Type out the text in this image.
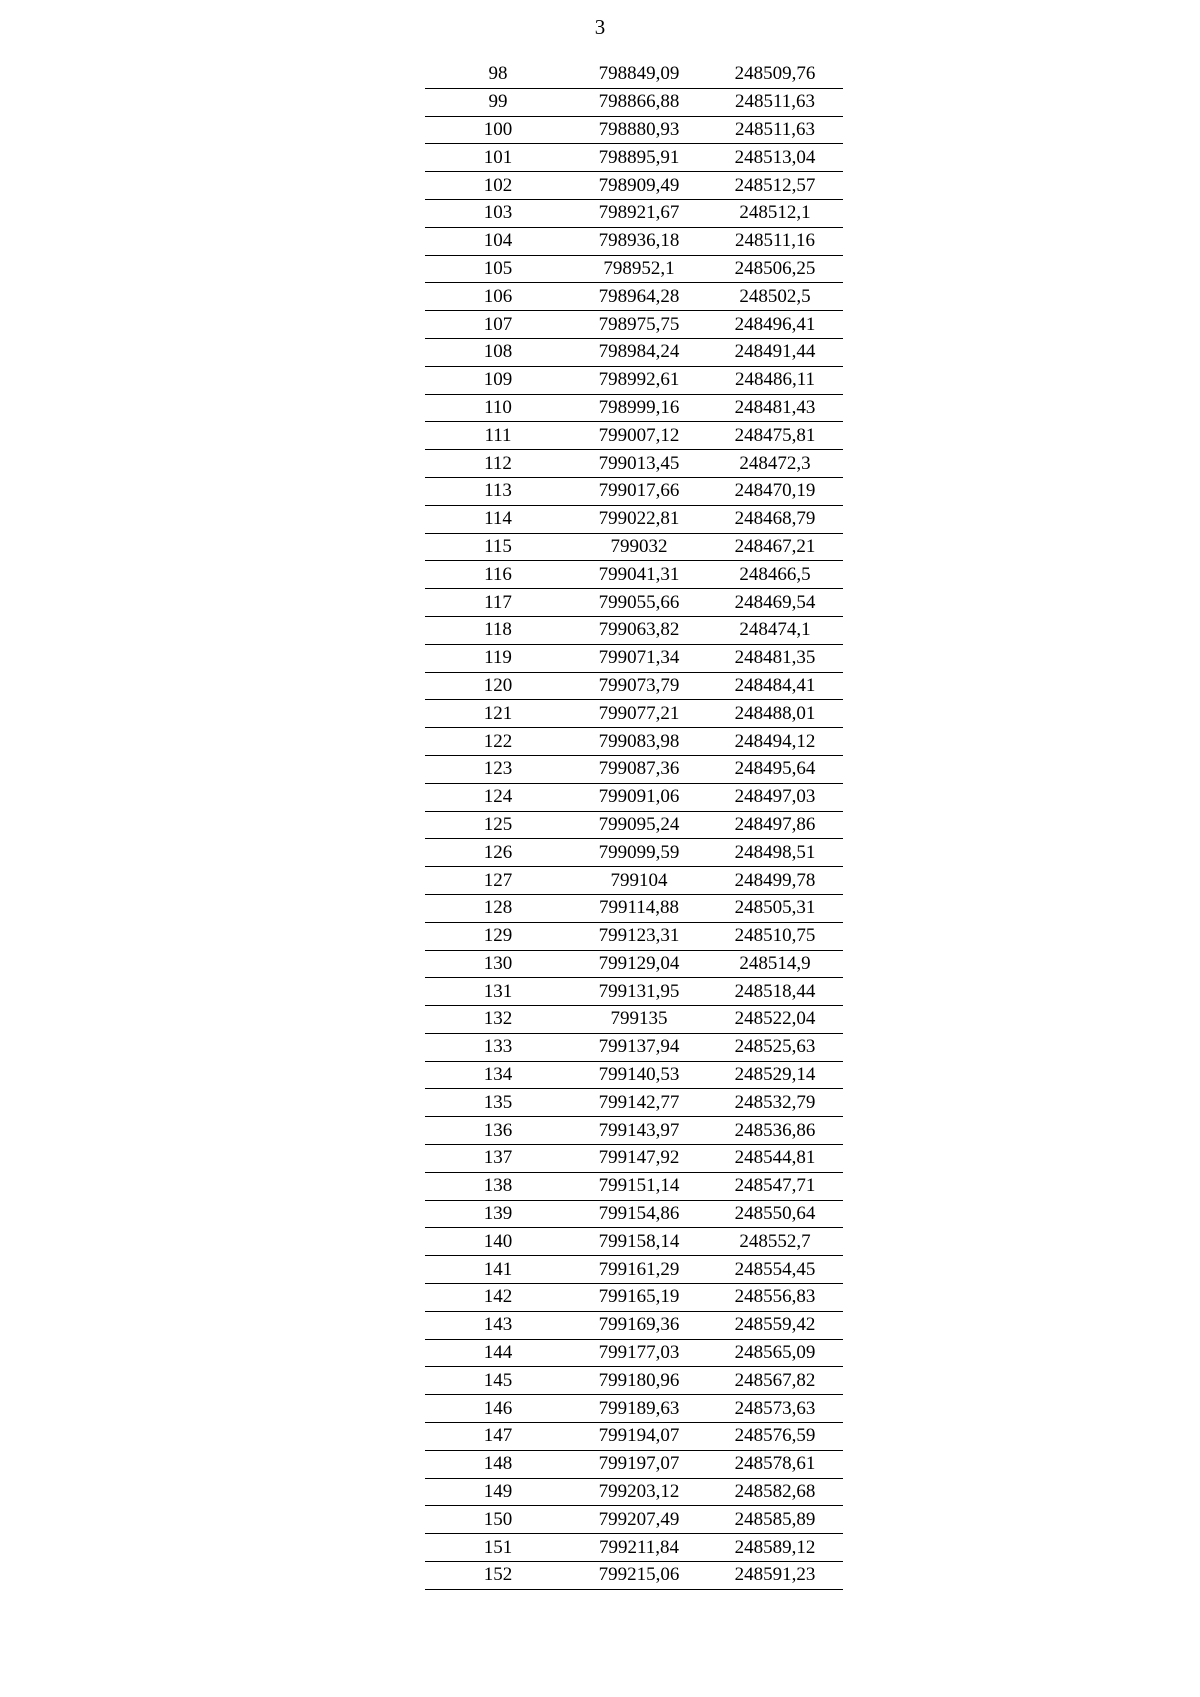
3
98	798849,09	248509,76
99	798866,88	248511,63
100	798880,93	248511,63
101	798895,91	248513,04
102	798909,49	248512,57
103	798921,67	248512,1
104	798936,18	248511,16
105	798952,1	248506,25
106	798964,28	248502,5
107	798975,75	248496,41
108	798984,24	248491,44
109	798992,61	248486,11
110	798999,16	248481,43
111	799007,12	248475,81
112	799013,45	248472,3
113	799017,66	248470,19
114	799022,81	248468,79
115	799032	248467,21
116	799041,31	248466,5
117	799055,66	248469,54
118	799063,82	248474,1
119	799071,34	248481,35
120	799073,79	248484,41
121	799077,21	248488,01
122	799083,98	248494,12
123	799087,36	248495,64
124	799091,06	248497,03
125	799095,24	248497,86
126	799099,59	248498,51
127	799104	248499,78
128	799114,88	248505,31
129	799123,31	248510,75
130	799129,04	248514,9
131	799131,95	248518,44
132	799135	248522,04
133	799137,94	248525,63
134	799140,53	248529,14
135	799142,77	248532,79
136	799143,97	248536,86
137	799147,92	248544,81
138	799151,14	248547,71
139	799154,86	248550,64
140	799158,14	248552,7
141	799161,29	248554,45
142	799165,19	248556,83
143	799169,36	248559,42
144	799177,03	248565,09
145	799180,96	248567,82
146	799189,63	248573,63
147	799194,07	248576,59
148	799197,07	248578,61
149	799203,12	248582,68
150	799207,49	248585,89
151	799211,84	248589,12
152	799215,06	248591,23
